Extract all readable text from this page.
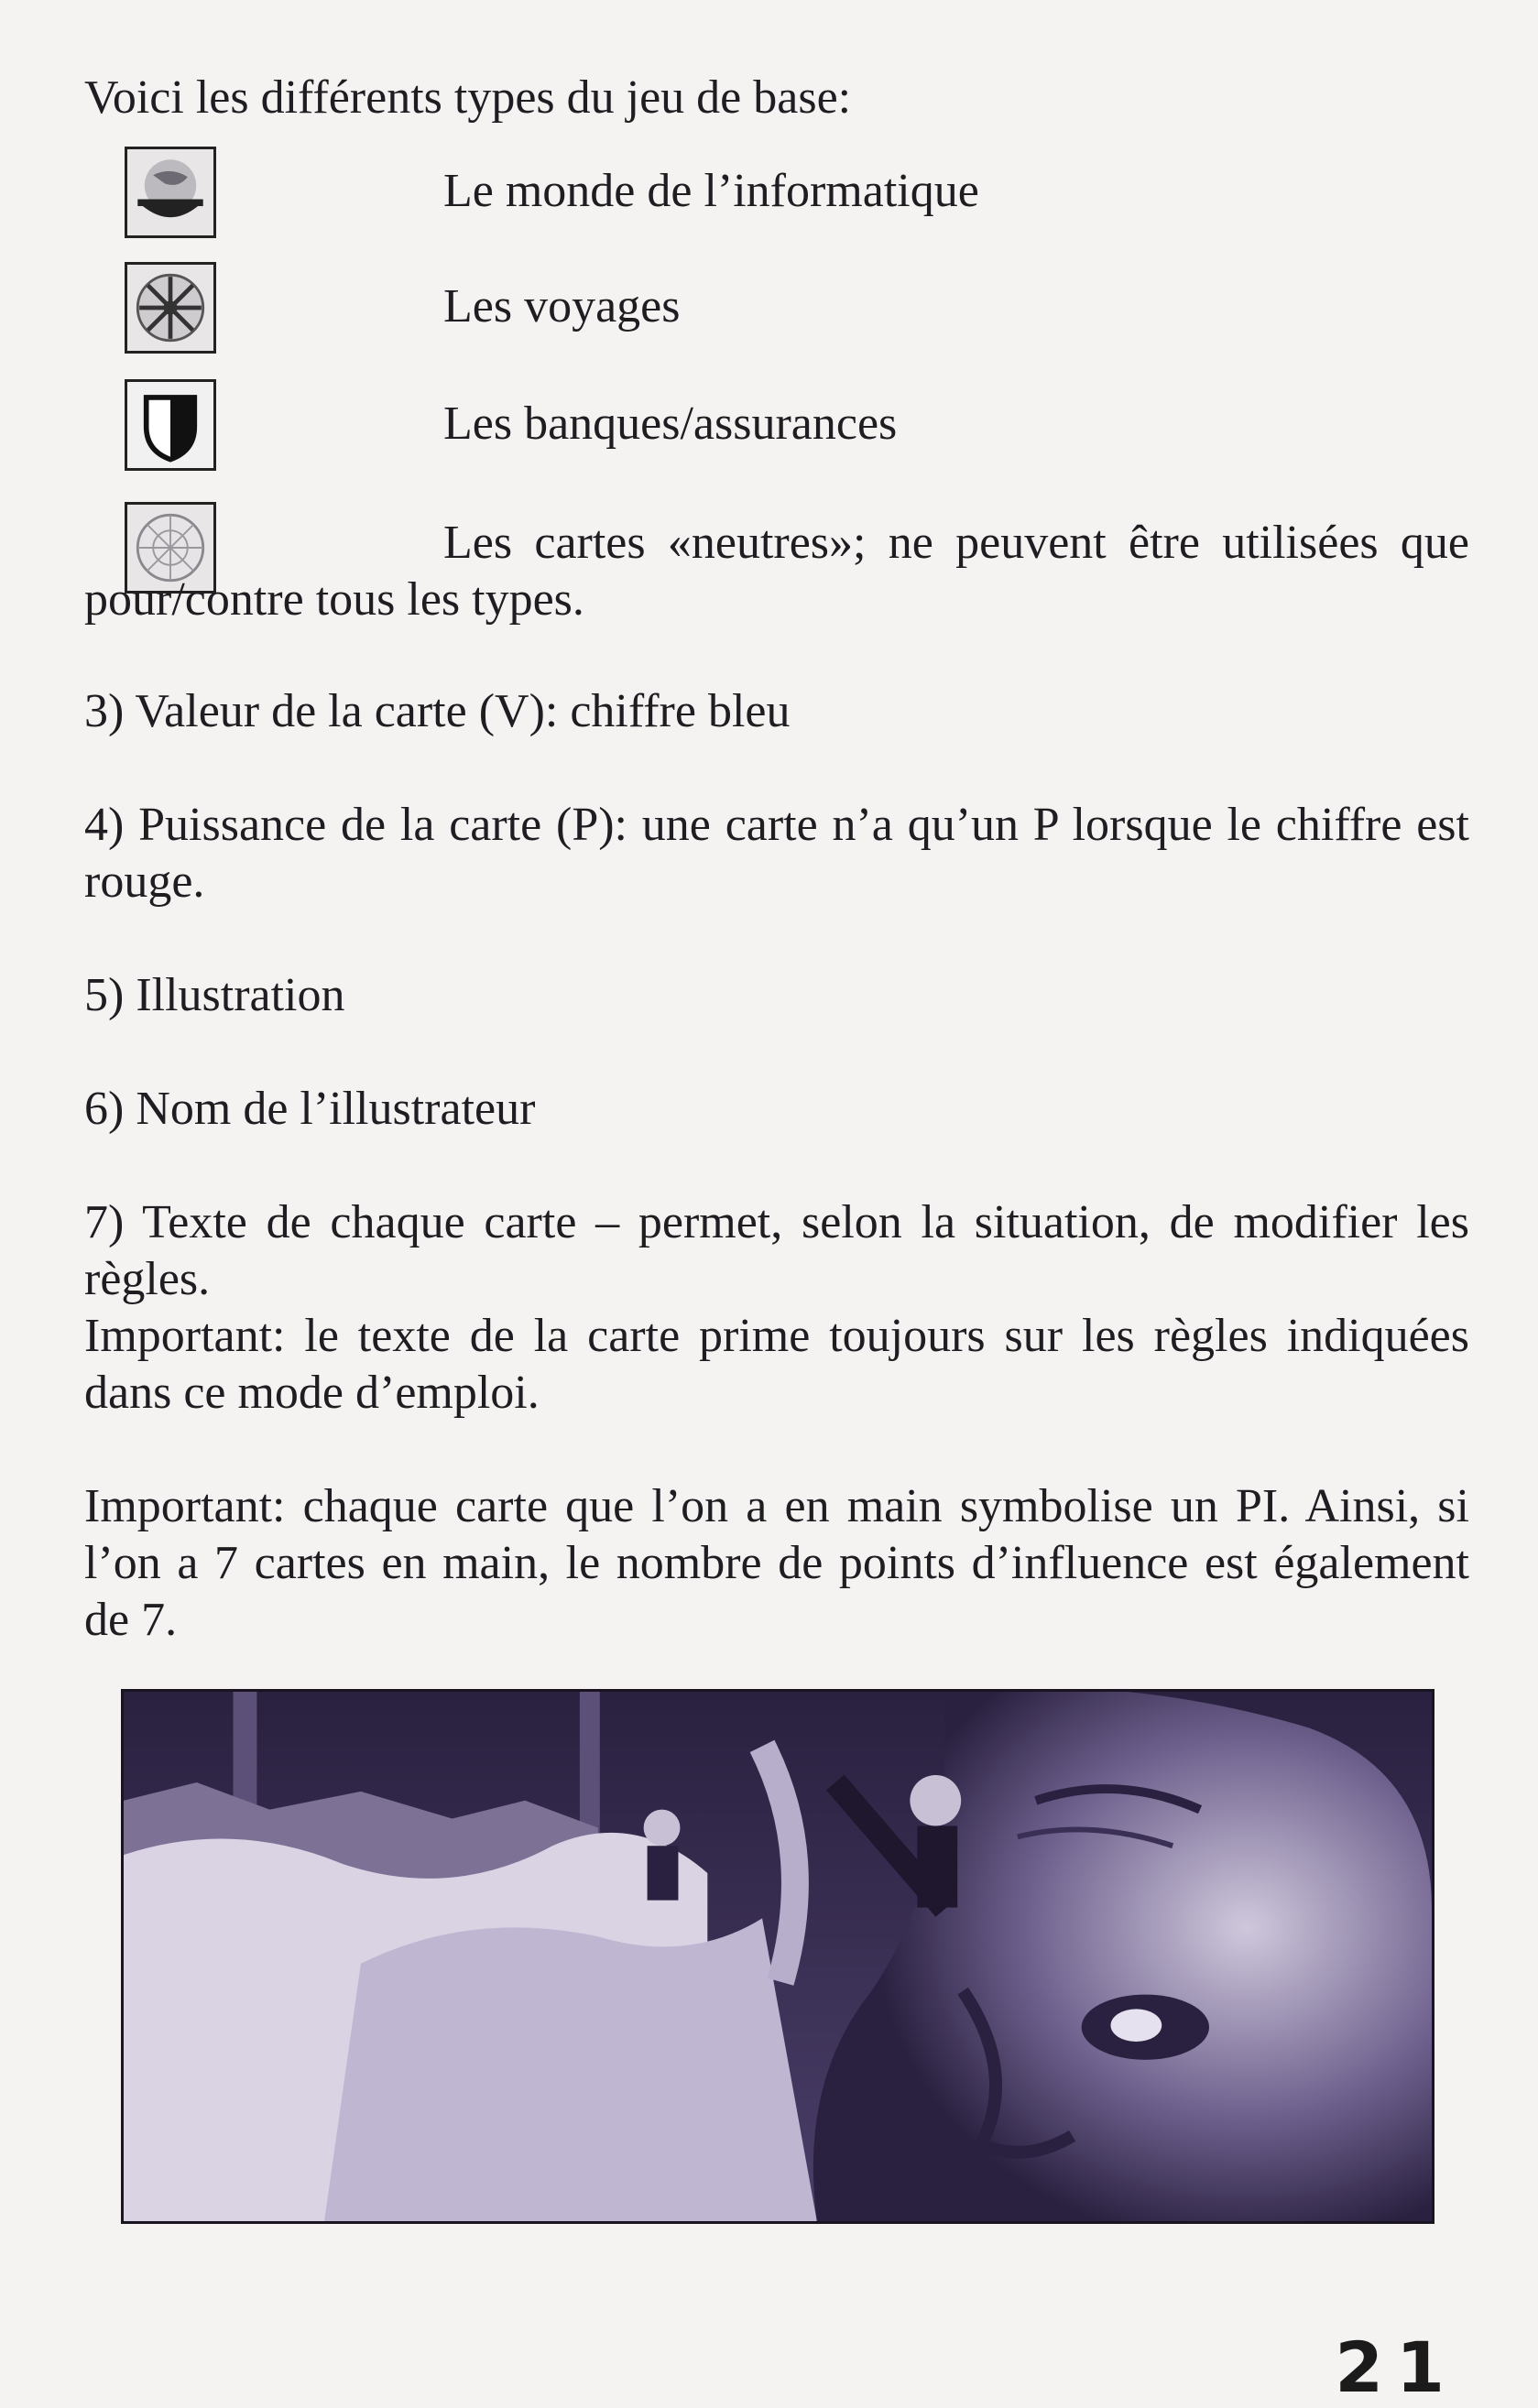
Voici les différents types du jeu de base:
Le monde de l’informatique
Les voyages
Les banques/assurances
Les cartes «neutres»; ne peuvent être utilisées que pour/contre tous les types.
3) Valeur de la carte (V): chiffre bleu
4) Puissance de la carte (P): une carte n’a qu’un P lorsque le chiffre est rouge.
5) Illustration
6) Nom de l’illustrateur
7) Texte de chaque carte – permet, selon la situation, de modifier les règles.
Important: le texte de la carte prime toujours sur les règles indiquées dans ce mode d’emploi.
Important: chaque carte que l’on a en main symbolise un PI. Ainsi, si l’on a 7 cartes en main, le nombre de points d’influence est également de 7.
21
